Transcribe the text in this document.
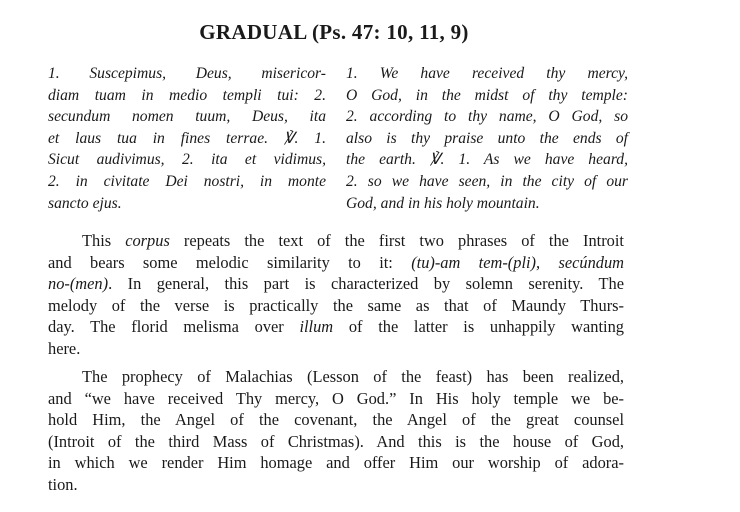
GRADUAL (Ps. 47: 10, 11, 9)
1. Suscepimus, Deus, misericor-
diam tuam in medio templi tui: 2.
secundum nomen tuum, Deus, ita
et laus tua in fines terrae. ℣. 1.
Sicut audivimus, 2. ita et vidimus,
2. in civitate Dei nostri, in monte
sancto ejus.
1. We have received thy mercy,
O God, in the midst of thy temple:
2. according to thy name, O God, so
also is thy praise unto the ends of
the earth. ℣. 1. As we have heard,
2. so we have seen, in the city of our
God, and in his holy mountain.
This corpus repeats the text of the first two phrases of the Introit
and bears some melodic similarity to it: (tu)-am tem-(pli), secúndum
no-(men). In general, this part is characterized by solemn serenity. The
melody of the verse is practically the same as that of Maundy Thurs-
day. The florid melisma over illum of the latter is unhappily wanting
here.
The prophecy of Malachias (Lesson of the feast) has been realized,
and “we have received Thy mercy, O God.” In His holy temple we be-
hold Him, the Angel of the covenant, the Angel of the great counsel
(Introit of the third Mass of Christmas). And this is the house of God,
in which we render Him homage and offer Him our worship of adora-
tion.
